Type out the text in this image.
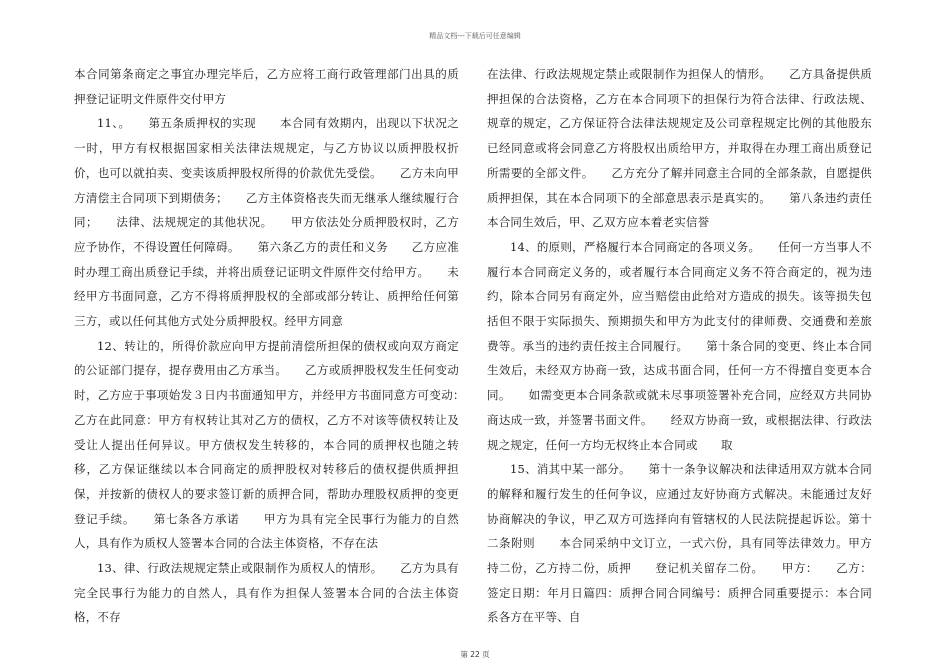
精品文档---下载后可任意编辑

本合同第条商定之事宜办理完毕后，乙方应将工商行政管理部门出具的质押登记证明文件原件交付甲方

11、。　　第五条质押权的实现　　本合同有效期内，出现以下状况之一时，甲方有权根据国家相关法律法规规定，与乙方协议以质押股权折价，也可以就拍卖、变卖该质押股权所得的价款优先受偿。　　乙方未向甲方清偿主合同项下到期债务；　　乙方主体资格丧失而无继承人继续履行合同；　　法律、法规规定的其他状况。　　甲方依法处分质押股权时，乙方应予协作，不得设置任何障碍。　　第六条乙方的责任和义务　　乙方应准时办理工商出质登记手续，并将出质登记证明文件原件交付给甲方。　　未经甲方书面同意，乙方不得将质押股权的全部或部分转让、质押给任何第三方，或以任何其他方式处分质押股权。经甲方同意

12、转让的，所得价款应向甲方提前清偿所担保的债权或向双方商定的公证部门提存，提存费用由乙方承当。　　乙方或质押股权发生任何变动时，乙方应于事项始发３日内书面通知甲方，并经甲方书面同意方可变动：　　乙方在此同意：甲方有权转让其对乙方的债权，乙方不对该等债权转让及受让人提出任何异议。甲方债权发生转移的，本合同的质押权也随之转移，乙方保证继续以本合同商定的质押股权对转移后的债权提供质押担保，并按新的债权人的要求签订新的质押合同，帮助办理股权质押的变更登记手续。　　第七条各方承诺　　甲方为具有完全民事行为能力的自然人，具有作为质权人签署本合同的合法主体资格，不存在法

13、律、行政法规规定禁止或限制作为质权人的情形。　　乙方为具有完全民事行为能力的自然人，具有作为担保人签署本合同的合法主体资格，不存

在法律、行政法规规定禁止或限制作为担保人的情形。　　乙方具备提供质押担保的合法资格，乙方在本合同项下的担保行为符合法律、行政法规、规章的规定，乙方保证符合法律法规规定及公司章程规定比例的其他股东已经同意或将会同意乙方将股权出质给甲方，并取得在办理工商出质登记所需要的全部文件。　　乙方充分了解并同意主合同的全部条款，自愿提供质押担保，其在本合同项下的全部意思表示是真实的。　　第八条违约责任　　本合同生效后，甲、乙双方应本着老实信誉

14、的原则，严格履行本合同商定的各项义务。　　任何一方当事人不履行本合同商定义务的，或者履行本合同商定义务不符合商定的，视为违约，除本合同另有商定外，应当赔偿由此给对方造成的损失。该等损失包括但不限于实际损失、预期损失和甲方为此支付的律师费、交通费和差旅费等。承当的违约责任按主合同履行。　　第十条合同的变更、终止本合同生效后，未经双方协商一致，达成书面合同，任何一方不得擅自变更本合同。　　如需变更本合同条款或就未尽事项签署补充合同，应经双方共同协商达成一致，并签署书面文件。　　经双方协商一致，或根据法律、行政法规之规定，任何一方均无权终止本合同或　　取

15、消其中某一部分。　　第十一条争议解决和法律适用双方就本合同的解释和履行发生的任何争议，应通过友好协商方式解决。未能通过友好　　协商解决的争议，甲乙双方可选择向有管辖权的人民法院提起诉讼。第十二条附则　　本合同采纳中文订立，一式六份，具有同等法律效力。甲方持二份，乙方持二份，质押　　登记机关留存二份。　　甲方：　　乙方：签定日期：年月日篇四：质押合同合同编号：质押合同重要提示：本合同系各方在平等、自

第 22 页
